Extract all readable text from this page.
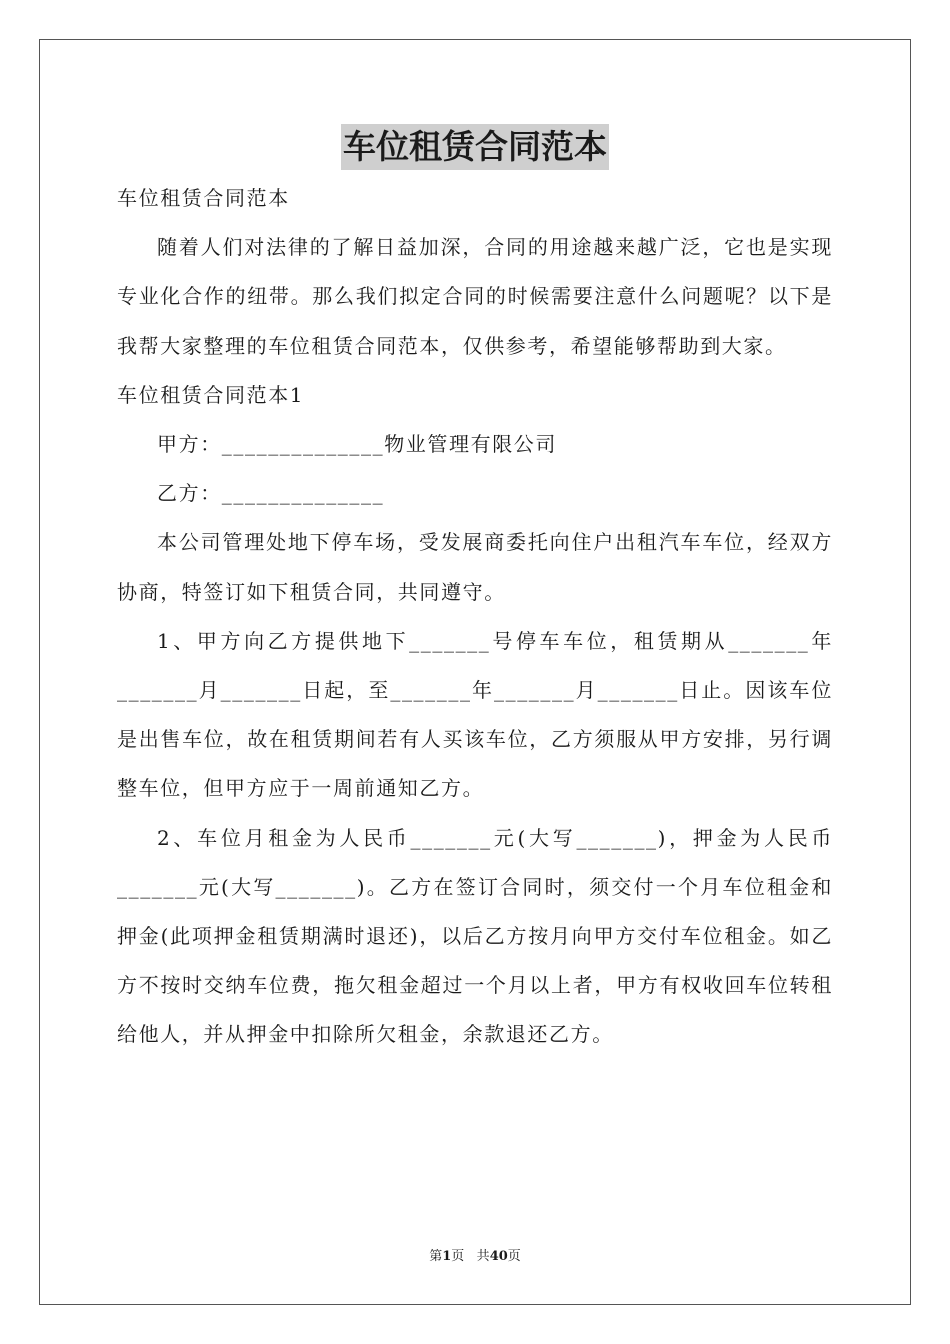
车位租赁合同范本

车位租赁合同范本

随着人们对法律的了解日益加深，合同的用途越来越广泛，它也是实现专业化合作的纽带。那么我们拟定合同的时候需要注意什么问题呢？以下是我帮大家整理的车位租赁合同范本，仅供参考，希望能够帮助到大家。

车位租赁合同范本1

甲方：______________物业管理有限公司

乙方：______________

本公司管理处地下停车场，受发展商委托向住户出租汽车车位，经双方协商，特签订如下租赁合同，共同遵守。

1、甲方向乙方提供地下_______号停车车位，租赁期从_______年_______月_______日起，至_______年_______月_______日止。因该车位是出售车位，故在租赁期间若有人买该车位，乙方须服从甲方安排，另行调整车位，但甲方应于一周前通知乙方。

2、车位月租金为人民币_______元(大写_______)，押金为人民币_______元(大写_______)。乙方在签订合同时，须交付一个月车位租金和押金(此项押金租赁期满时退还)，以后乙方按月向甲方交付车位租金。如乙方不按时交纳车位费，拖欠租金超过一个月以上者，甲方有权收回车位转租给他人，并从押金中扣除所欠租金，余款退还乙方。

第1页 共40页
